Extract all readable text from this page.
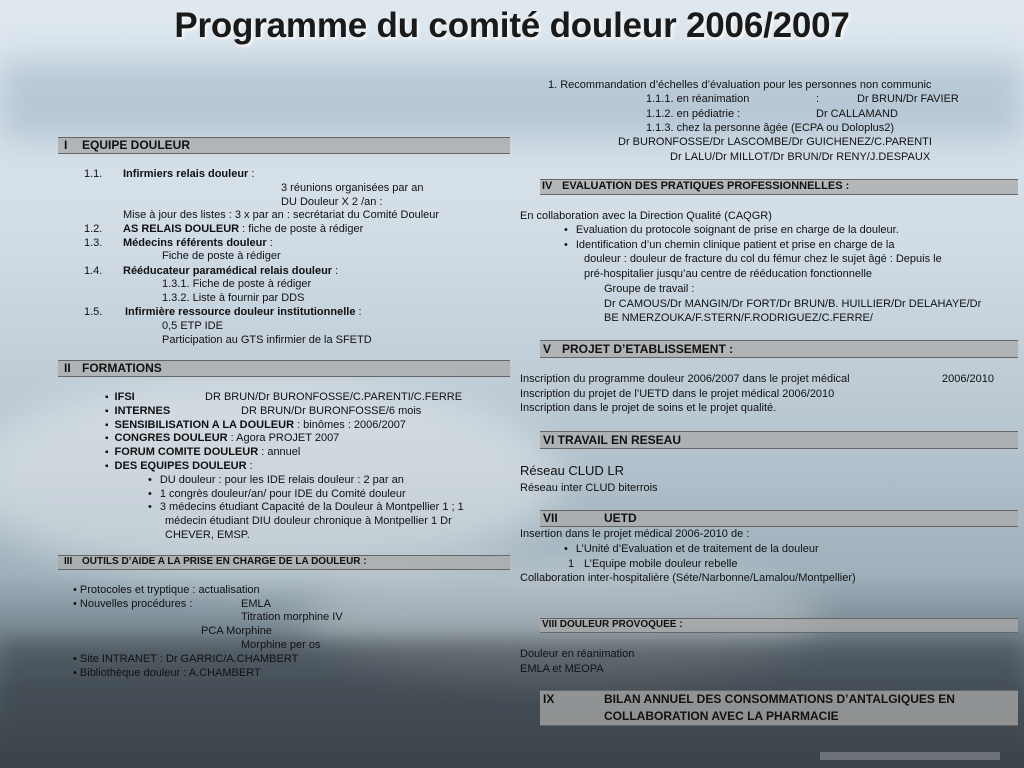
Programme du comité douleur 2006/2007
I EQUIPE DOULEUR
1.1. Infirmiers relais douleur :
3 réunions organisées par an
DU Douleur X 2 /an :
Mise à jour des listes : 3 x par an : secrétariat du Comité Douleur
1.2. AS RELAIS DOULEUR : fiche de poste à rédiger
1.3. Médecins référents douleur :
Fiche de poste à rédiger
1.4. Rééducateur paramédical relais douleur :
1.3.1. Fiche de poste à rédiger
1.3.2. Liste à fournir par DDS
1.5. Infirmière ressource douleur institutionnelle :
0,5 ETP IDE
Participation au GTS infirmier de la SFETD
II FORMATIONS
▪ IFSI	DR BRUN/Dr BURONFOSSE/C.PARENTI/C.FERRE
▪ INTERNES	DR BRUN/Dr BURONFOSSE/6 mois
▪ SENSIBILISATION A LA DOULEUR : binômes : 2006/2007
▪ CONGRES DOULEUR : Agora PROJET 2007
▪ FORUM COMITE DOULEUR : annuel
▪ DES EQUIPES DOULEUR :
• DU douleur : pour les IDE relais douleur : 2 par an
• 1 congrès douleur/an/ pour IDE du Comité douleur
• 3 médecins étudiant Capacité de la Douleur à Montpellier 1 ; 1
médecin étudiant DIU douleur chronique à Montpellier 1 Dr
CHEVER, EMSP.
III OUTILS D’AIDE A LA PRISE EN CHARGE DE LA DOULEUR :
• Protocoles et tryptique : actualisation
• Nouvelles procédures :	EMLA
Titration morphine IV
PCA Morphine
Morphine per os
• Site INTRANET : Dr GARRIC/A.CHAMBERT
• Bibliothèque douleur : A.CHAMBERT
1. Recommandation d’échelles d’évaluation pour les personnes non communic
1.1.1. en réanimation	:	Dr BRUN/Dr FAVIER
1.1.2. en pédiatrie :	Dr CALLAMAND
1.1.3. chez la personne âgée (ECPA ou Doloplus2)
Dr BURONFOSSE/Dr LASCOMBE/Dr GUICHENEZ/C.PARENTI
Dr LALU/Dr MILLOT/Dr BRUN/Dr RENY/J.DESPAUX
IV EVALUATION DES PRATIQUES PROFESSIONNELLES :
En collaboration avec la Direction Qualité (CAQGR)
• Evaluation du protocole soignant de prise en charge de la douleur.
• Identification d’un chemin clinique patient et prise en charge de la
douleur : douleur de fracture du col du fémur chez le sujet âgé : Depuis le
pré-hospitalier jusqu’au centre de rééducation fonctionnelle
Groupe de travail :
Dr CAMOUS/Dr MANGIN/Dr FORT/Dr BRUN/B. HUILLIER/Dr DELAHAYE/Dr
BE NMERZOUKA/F.STERN/F.RODRIGUEZ/C.FERRE/
V PROJET D’ETABLISSEMENT :
Inscription du programme douleur 2006/2007 dans le projet médical	2006/2010
Inscription du projet de l’UETD dans le projet médical 2006/2010
Inscription dans le projet de soins et le projet qualité.
VI TRAVAIL EN RESEAU
Réseau CLUD LR
Réseau inter CLUD biterrois
VII	UETD
Insertion dans le projet médical 2006-2010 de :
• L’Unité d’Evaluation et de traitement de la douleur
1 L’Equipe mobile douleur rebelle
Collaboration inter-hospitalière (Séte/Narbonne/Lamalou/Montpellier)
VIII DOULEUR PROVOQUEE :
Douleur en réanimation
EMLA et MEOPA
IX	BILAN ANNUEL DES CONSOMMATIONS D’ANTALGIQUES EN
COLLABORATION AVEC LA PHARMACIE
